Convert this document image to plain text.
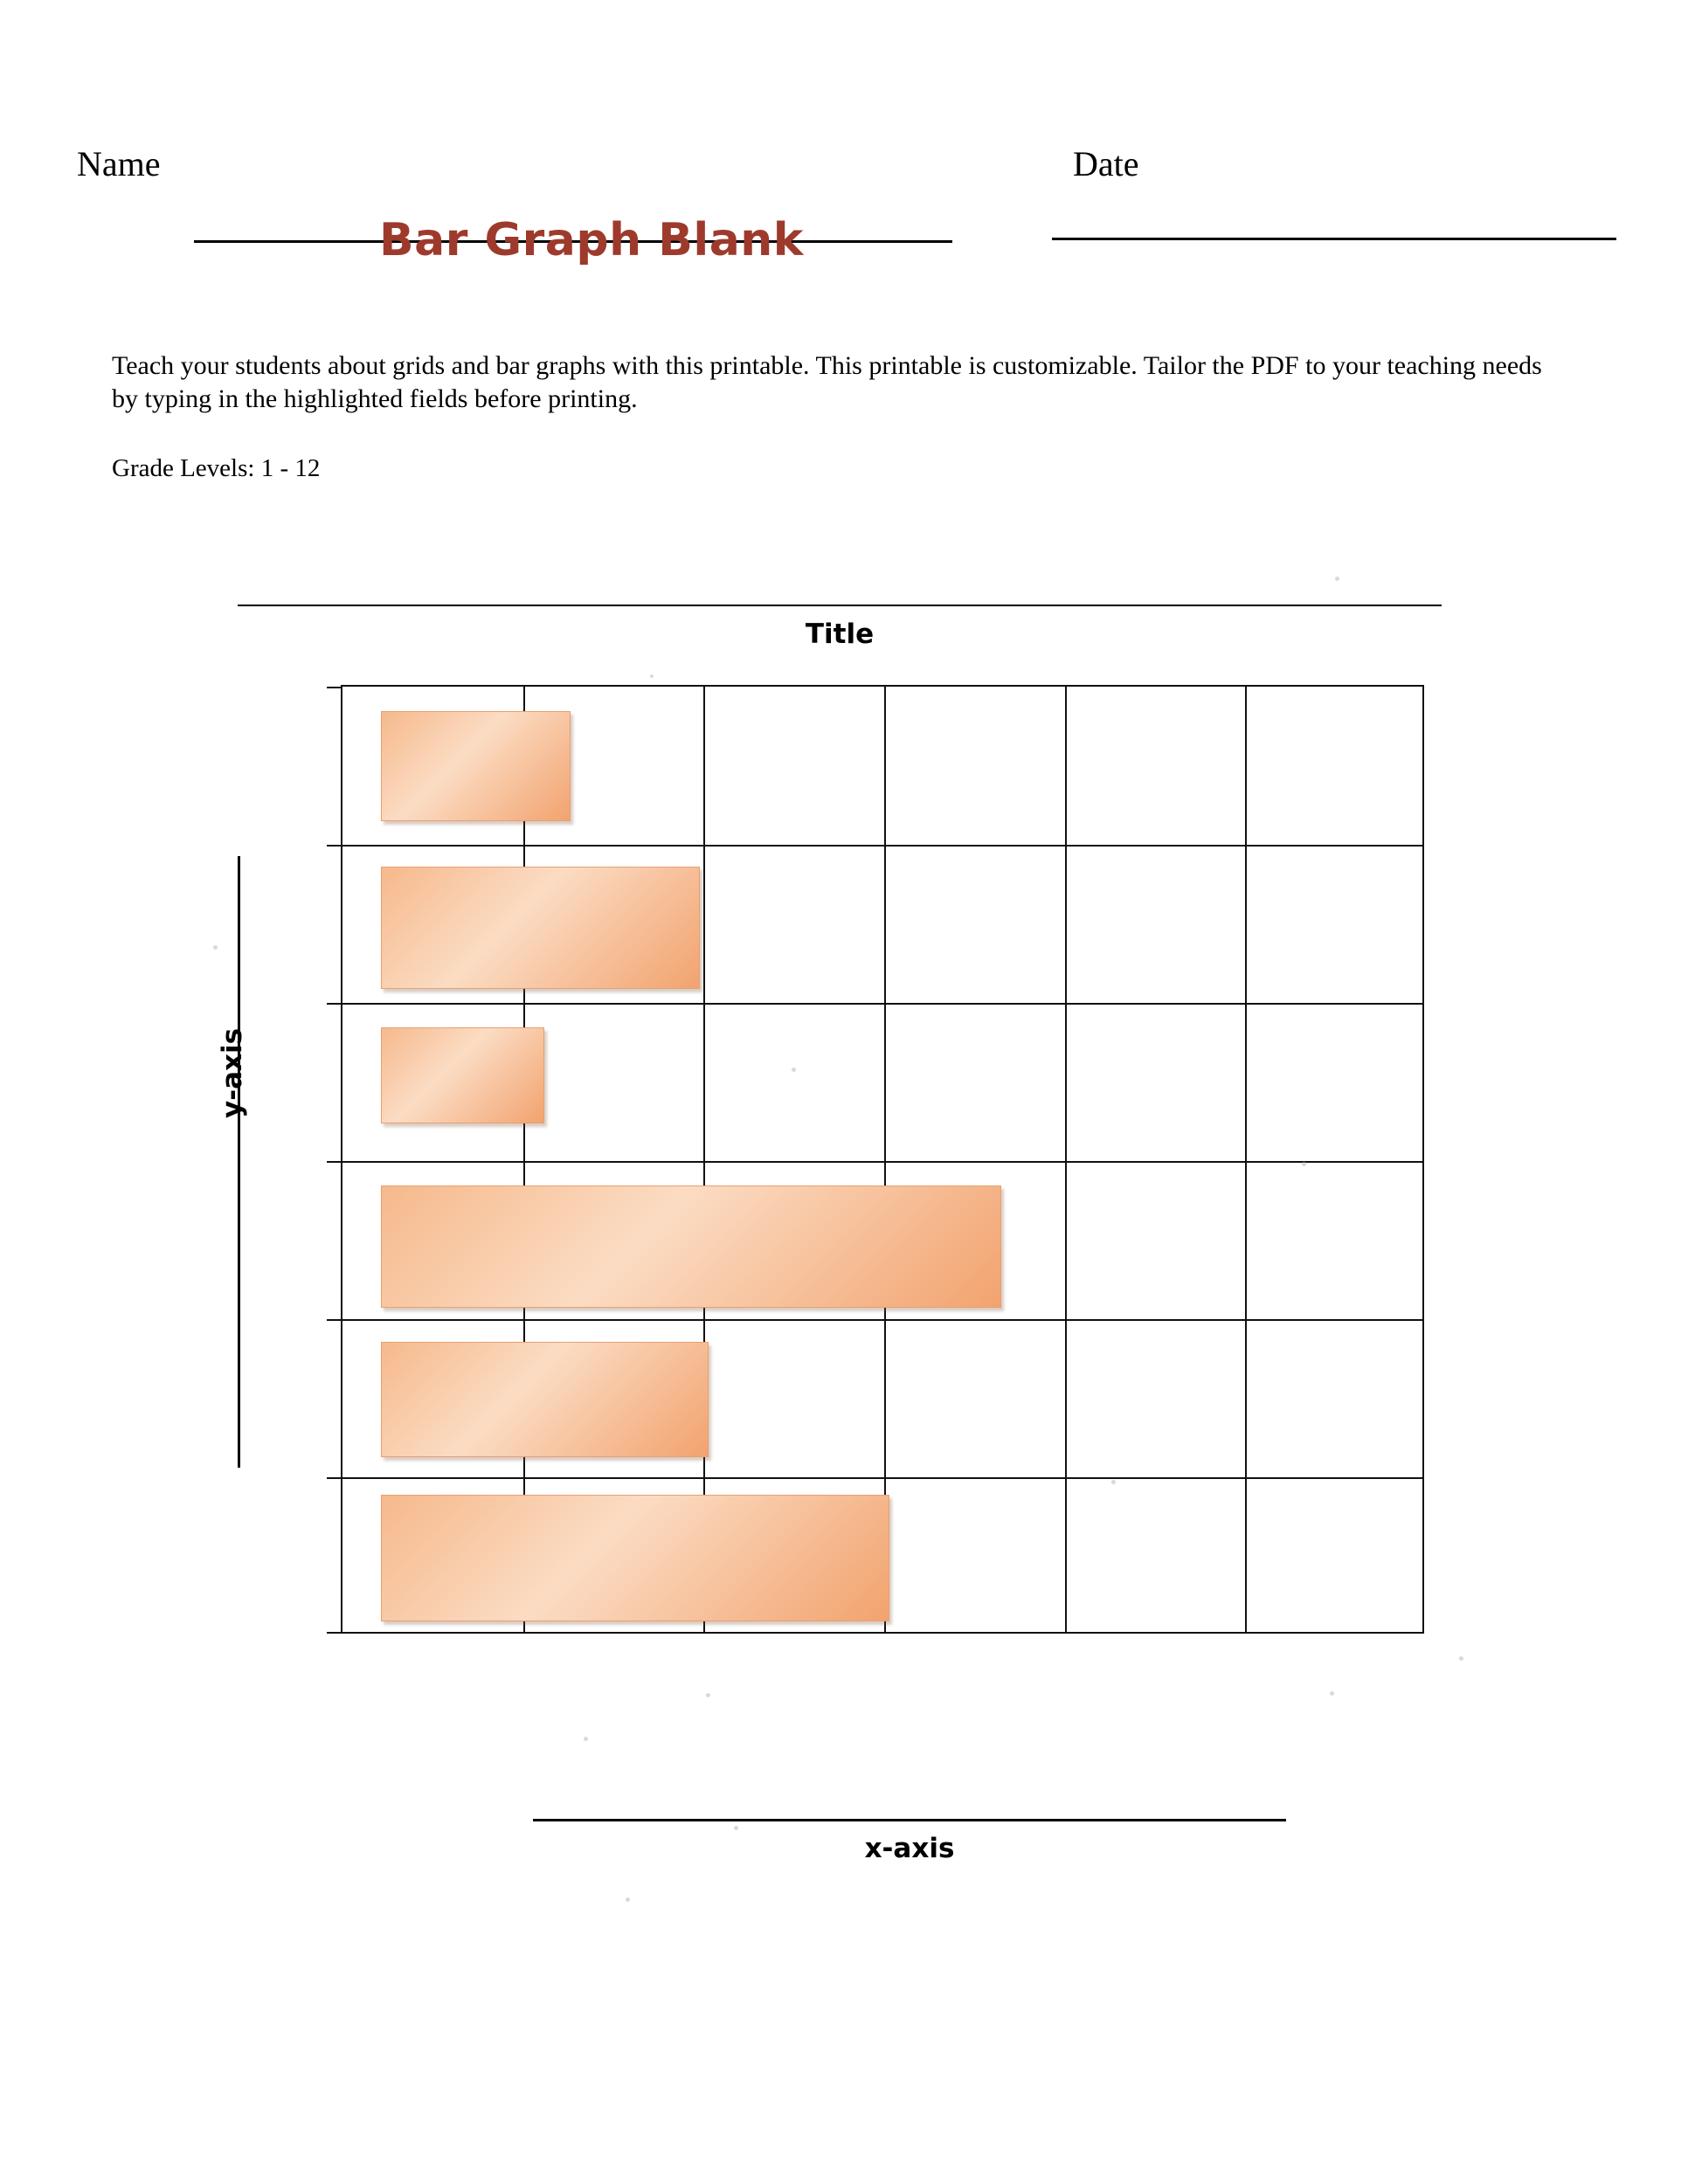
Name	Date
Bar Graph Blank
Teach your students about grids and bar graphs with this printable. This printable is customizable. Tailor the PDF to your teaching needs by typing in the highlighted fields before printing.
Grade Levels: 1 - 12
Title
y-axis
x-axis
